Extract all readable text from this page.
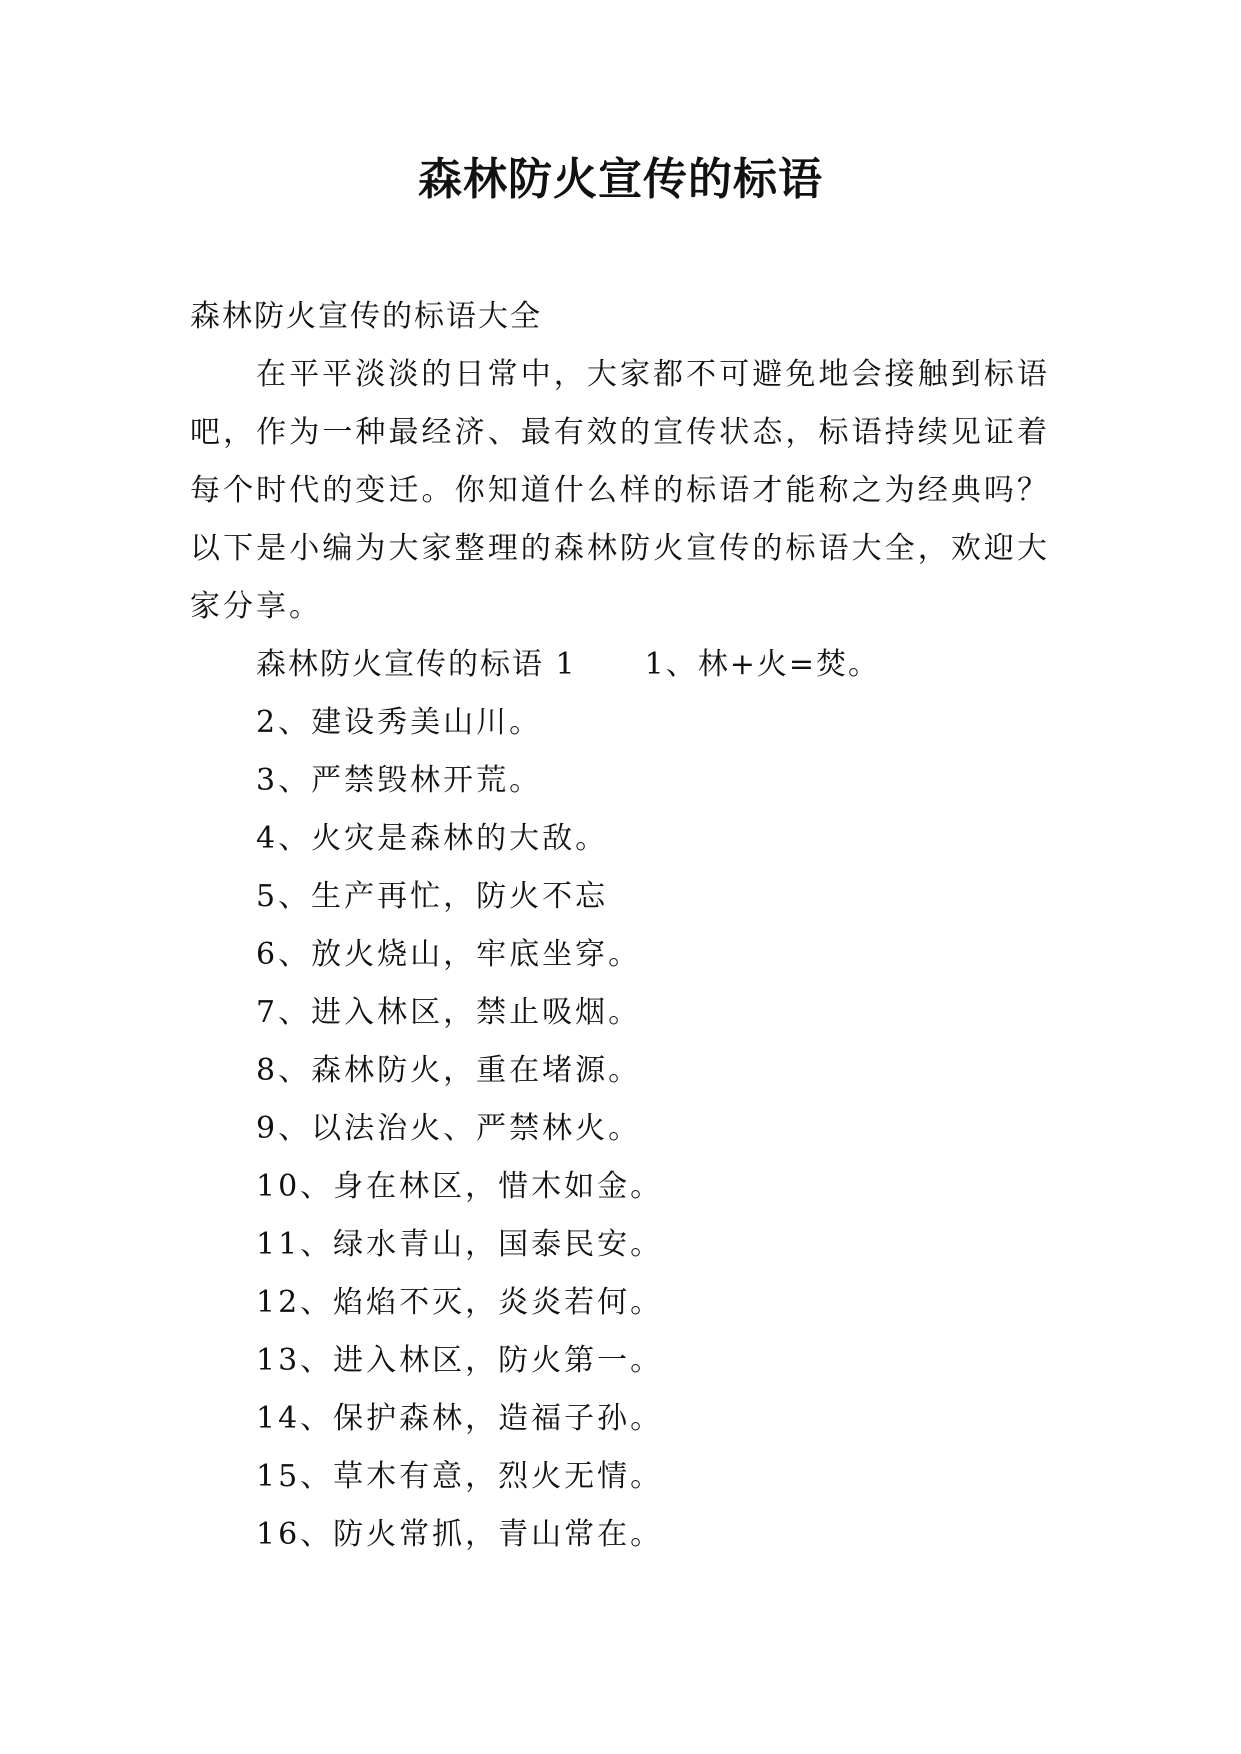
森林防火宣传的标语

森林防火宣传的标语大全

在平平淡淡的日常中，大家都不可避免地会接触到标语吧，作为一种最经济、最有效的宣传状态，标语持续见证着每个时代的变迁。你知道什么样的标语才能称之为经典吗？以下是小编为大家整理的森林防火宣传的标语大全，欢迎大家分享。

森林防火宣传的标语 1 1、林+火=焚。

2、建设秀美山川。
3、严禁毁林开荒。
4、火灾是森林的大敌。
5、生产再忙，防火不忘
6、放火烧山，牢底坐穿。
7、进入林区，禁止吸烟。
8、森林防火，重在堵源。
9、以法治火、严禁林火。
10、身在林区，惜木如金。
11、绿水青山，国泰民安。
12、焰焰不灭，炎炎若何。
13、进入林区，防火第一。
14、保护森林，造福子孙。
15、草木有意，烈火无情。
16、防火常抓，青山常在。
